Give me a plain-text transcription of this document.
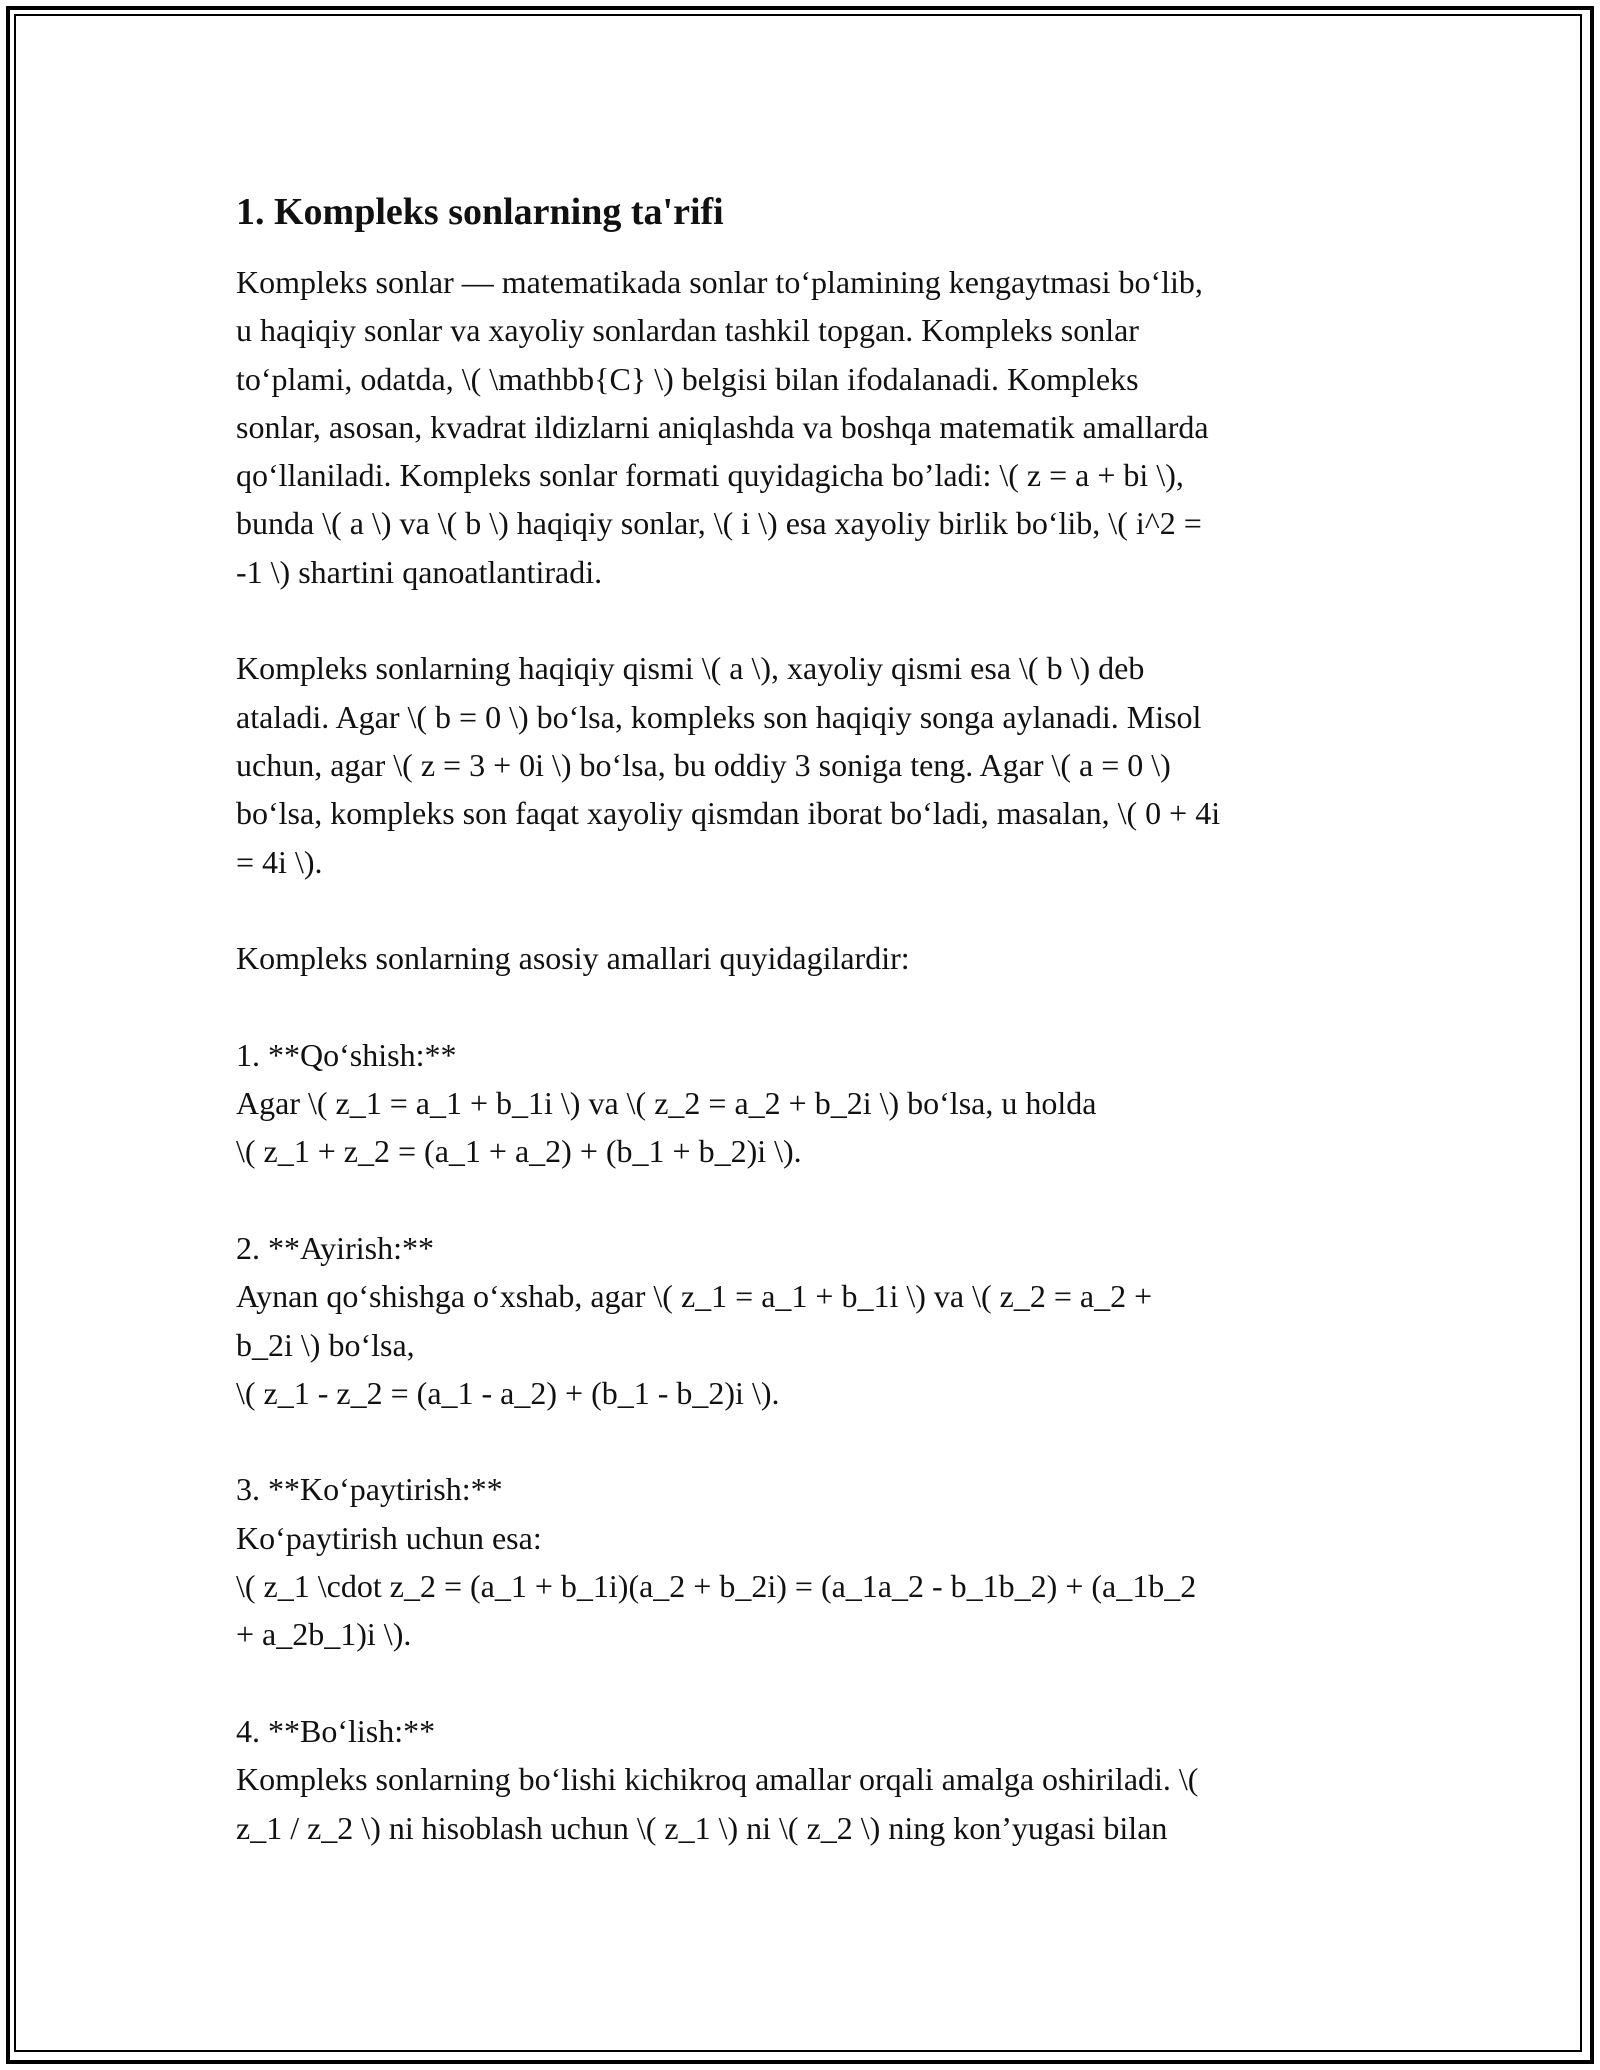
1. Kompleks sonlarning ta'rifi

Kompleks sonlar — matematikada sonlar to‘plamining kengaytmasi bo‘lib,
u haqiqiy sonlar va xayoliy sonlardan tashkil topgan. Kompleks sonlar
to‘plami, odatda, \( \mathbb{C} \) belgisi bilan ifodalanadi. Kompleks
sonlar, asosan, kvadrat ildizlarni aniqlashda va boshqa matematik amallarda
qo‘llaniladi. Kompleks sonlar formati quyidagicha bo’ladi: \( z = a + bi \),
bunda \( a \) va \( b \) haqiqiy sonlar, \( i \) esa xayoliy birlik bo‘lib, \( i^2 =
-1 \) shartini qanoatlantiradi.

Kompleks sonlarning haqiqiy qismi \( a \), xayoliy qismi esa \( b \) deb
ataladi. Agar \( b = 0 \) bo‘lsa, kompleks son haqiqiy songa aylanadi. Misol
uchun, agar \( z = 3 + 0i \) bo‘lsa, bu oddiy 3 soniga teng. Agar \( a = 0 \)
bo‘lsa, kompleks son faqat xayoliy qismdan iborat bo‘ladi, masalan, \( 0 + 4i
= 4i \).

Kompleks sonlarning asosiy amallari quyidagilardir:

1. **Qo‘shish:**
Agar \( z_1 = a_1 + b_1i \) va \( z_2 = a_2 + b_2i \) bo‘lsa, u holda
\( z_1 + z_2 = (a_1 + a_2) + (b_1 + b_2)i \).

2. **Ayirish:**
Aynan qo‘shishga o‘xshab, agar \( z_1 = a_1 + b_1i \) va \( z_2 = a_2 +
b_2i \) bo‘lsa,
\( z_1 - z_2 = (a_1 - a_2) + (b_1 - b_2)i \).

3. **Ko‘paytirish:**
Ko‘paytirish uchun esa:
\( z_1 \cdot z_2 = (a_1 + b_1i)(a_2 + b_2i) = (a_1a_2 - b_1b_2) + (a_1b_2
+ a_2b_1)i \).

4. **Bo‘lish:**
Kompleks sonlarning bo‘lishi kichikroq amallar orqali amalga oshiriladi. \(
z_1 / z_2 \) ni hisoblash uchun \( z_1 \) ni \( z_2 \) ning kon’yugasi bilan
